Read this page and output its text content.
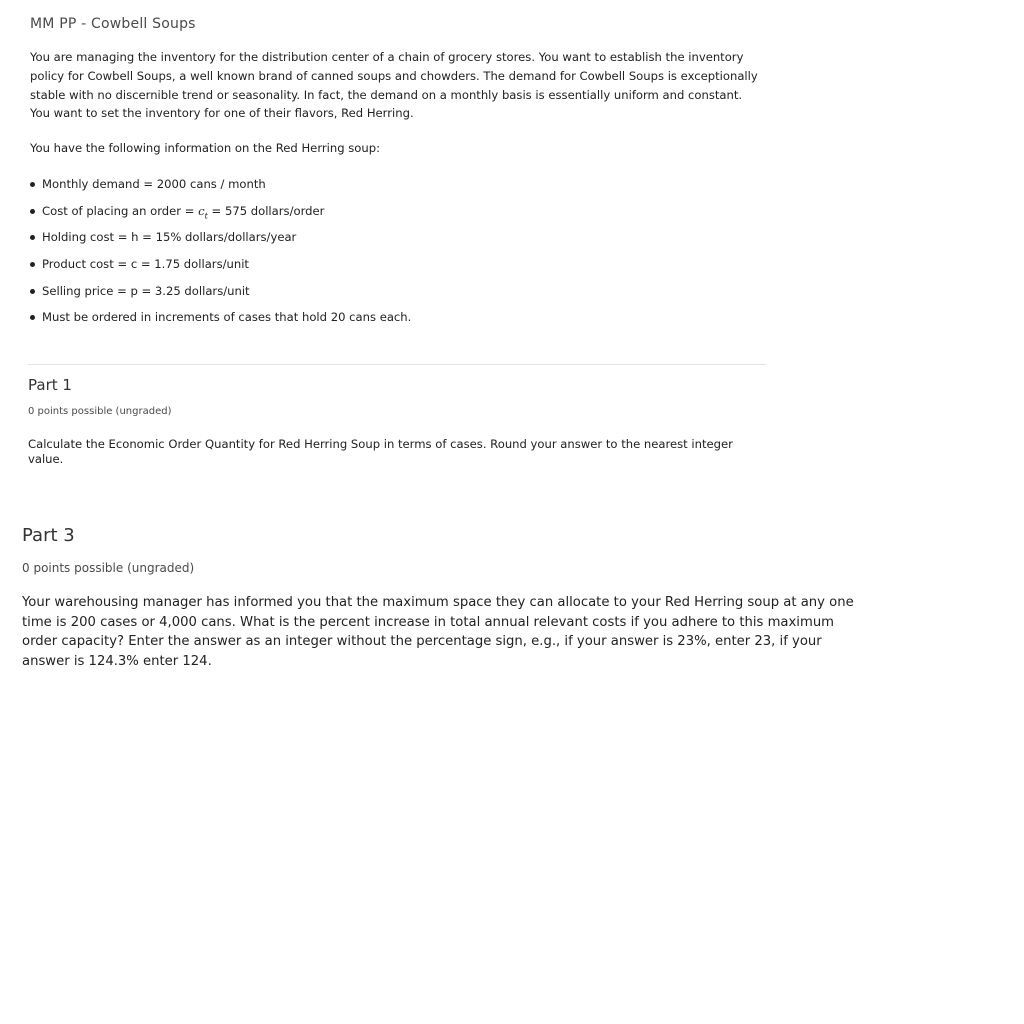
MM PP - Cowbell Soups

You are managing the inventory for the distribution center of a chain of grocery stores. You want to establish the inventory policy for Cowbell Soups, a well known brand of canned soups and chowders. The demand for Cowbell Soups is exceptionally stable with no discernible trend or seasonality. In fact, the demand on a monthly basis is essentially uniform and constant. You want to set the inventory for one of their flavors, Red Herring.

You have the following information on the Red Herring soup:

Monthly demand = 2000 cans / month
Cost of placing an order = $c_t = 575$ dollars/order
Holding cost = h = 15% dollars/dollars/year
Product cost = c = 1.75 dollars/unit
Selling price = p = 3.25 dollars/unit
Must be ordered in increments of cases that hold 20 cans each.
Part 1
0 points possible (ungraded)

Calculate the Economic Order Quantity for Red Herring Soup in terms of cases. Round your answer to the nearest integer value.

Part 3
0 points possible (ungraded)

Your warehousing manager has informed you that the maximum space they can allocate to your Red Herring soup at any one time is 200 cases or 4,000 cans. What is the percent increase in total annual relevant costs if you adhere to this maximum order capacity? Enter the answer as an integer without the percentage sign, e.g., if your answer is 23%, enter 23, if your answer is 124.3% enter 124.
